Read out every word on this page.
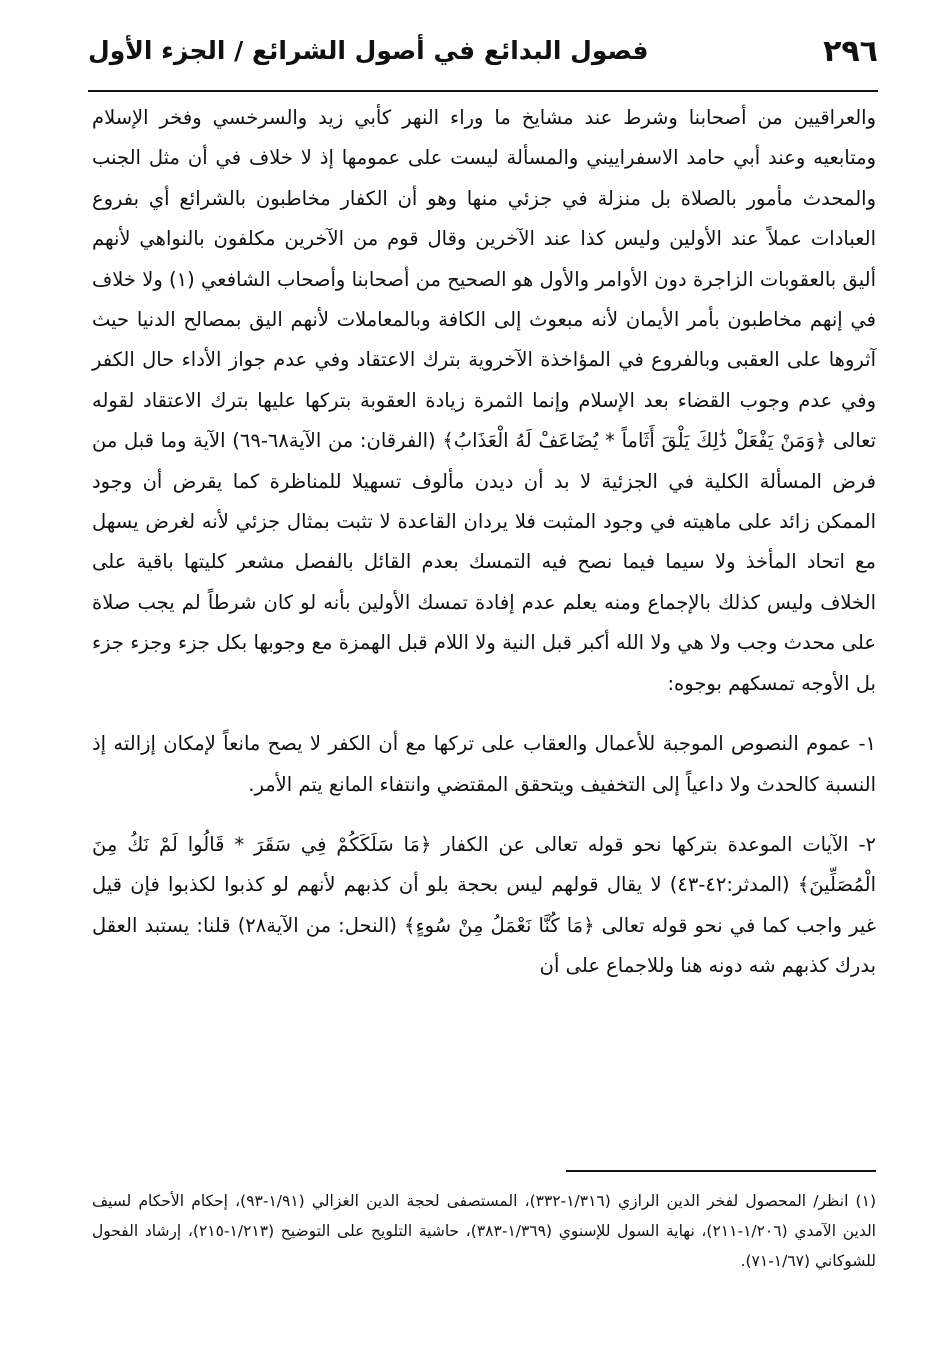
٢٩٦
فصول البدائع في أصول الشرائع / الجزء الأول

والعراقيين من أصحابنا وشرط عند مشايخ ما وراء النهر كأبي زيد والسرخسي وفخر الإسلام ومتابعيه وعند أبي حامد الاسفراييني والمسألة ليست على عمومها إذ لا خلاف في أن مثل الجنب والمحدث مأمور بالصلاة بل منزلة في جزئي منها وهو أن الكفار مخاطبون بالشرائع أي بفروع العبادات عملاً عند الأولين وليس كذا عند الآخرين وقال قوم من الآخرين مكلفون بالنواهي لأنهم أليق بالعقوبات الزاجرة دون الأوامر والأول هو الصحيح من أصحابنا وأصحاب الشافعي (١) ولا خلاف في إنهم مخاطبون بأمر الأيمان لأنه مبعوث إلى الكافة وبالمعاملات لأنهم اليق بمصالح الدنيا حيث آثروها على العقبى وبالفروع في المؤاخذة الآخروية بترك الاعتقاد وفي عدم جواز الأداء حال الكفر وفي عدم وجوب القضاء بعد الإسلام وإنما الثمرة زيادة العقوبة بتركها عليها بترك الاعتقاد لقوله تعالى ﴿وَمَنْ يَفْعَلْ ذَٰلِكَ يَلْقَ أَثَاماً * يُضَاعَفْ لَهُ الْعَذَابُ﴾ (الفرقان: من الآية٦٨-٦٩) الآية وما قبل من فرض المسألة الكلية في الجزئية لا بد أن ديدن مألوف تسهيلا للمناظرة كما يقرض أن وجود الممكن زائد على ماهيته في وجود المثبت فلا يردان القاعدة لا تثبت بمثال جزئي لأنه لغرض يسهل مع اتحاد المأخذ ولا سيما فيما نصح فيه التمسك بعدم القائل بالفصل مشعر كليتها باقية على الخلاف وليس كذلك بالإجماع ومنه يعلم عدم إفادة تمسك الأولين بأنه لو كان شرطاً لم يجب صلاة على محدث وجب ولا هي ولا الله أكبر قبل النية ولا اللام قبل الهمزة مع وجوبها بكل جزء وجزء جزء بل الأوجه تمسكهم بوجوه:

١- عموم النصوص الموجبة للأعمال والعقاب على تركها مع أن الكفر لا يصح مانعاً لإمكان إزالته إذ النسبة كالحدث ولا داعياً إلى التخفيف ويتحقق المقتضي وانتفاء المانع يتم الأمر.

٢- الآيات الموعدة بتركها نحو قوله تعالى عن الكفار ﴿مَا سَلَكَكُمْ فِي سَقَرَ * قَالُوا لَمْ نَكُ مِنَ الْمُصَلِّينَ﴾ (المدثر:٤٢-٤٣) لا يقال قولهم ليس بحجة بلو أن كذبهم لأنهم لو كذبوا لكذبوا فإن قيل غير واجب كما في نحو قوله تعالى ﴿مَا كُنَّا نَعْمَلُ مِنْ سُوءٍ﴾ (النحل: من الآية٢٨) قلنا: يستبد العقل بدرك كذبهم شه دونه هنا وللاجماع على أن

(١) انظر/ المحصول لفخر الدين الرازي (١/٣١٦-٣٣٢)، المستصفى لحجة الدين الغزالي (١/٩١-٩٣)، إحكام الأحكام لسيف الدين الآمدي (١/٢٠٦-٢١١)، نهاية السول للإسنوي (١/٣٦٩-٣٨٣)، حاشية التلويح على التوضيح (١/٢١٣-٢١٥)، إرشاد الفحول للشوكاني (١/٦٧-٧١).
